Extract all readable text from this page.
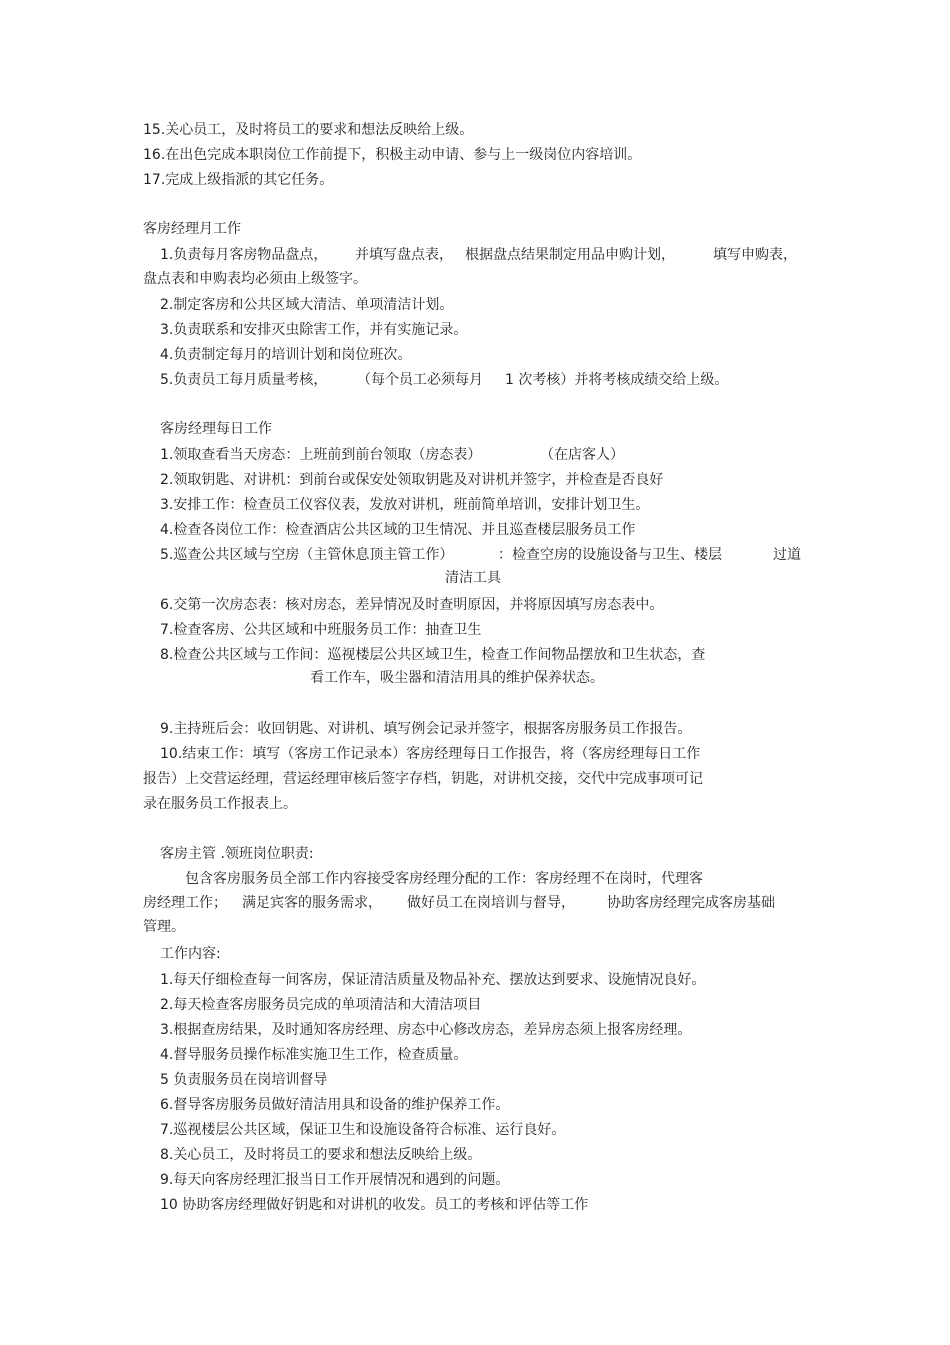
15.关心员工，及时将员工的要求和想法反映给上级。

16.在出色完成本职岗位工作前提下，积极主动申请、参与上一级岗位内容培训。

17.完成上级指派的其它任务。

客房经理月工作

1.负责每月客房物品盘点， 并填写盘点表， 根据盘点结果制定用品申购计划，	填写申购表，

盘点表和申购表均必须由上级签字。

2.制定客房和公共区域大清洁、单项清洁计划。

3.负责联系和安排灭虫除害工作，并有实施记录。

4.负责制定每月的培训计划和岗位班次。

5.负责员工每月质量考核， （每个员工必须每月 1 次考核）并将考核成绩交给上级。

客房经理每日工作

1.领取查看当天房态：上班前到前台领取（房态表）	（在店客人）

2.领取钥匙、对讲机：到前台或保安处领取钥匙及对讲机并签字，并检查是否良好

3.安排工作：检查员工仪容仪表，发放对讲机，班前简单培训，安排计划卫生。

4.检查各岗位工作：检查酒店公共区域的卫生情况、并且巡查楼层服务员工作

5.巡查公共区域与空房（主管休息顶主管工作）	：检查空房的设施设备与卫生、楼层	过道

清洁工具

6.交第一次房态表：核对房态，差异情况及时查明原因，并将原因填写房态表中。

7.检查客房、公共区域和中班服务员工作：抽查卫生

8.检查公共区域与工作间：巡视楼层公共区域卫生，检查工作间物品摆放和卫生状态，查

看工作车，吸尘器和清洁用具的维护保养状态。

9.主持班后会：收回钥匙、对讲机、填写例会记录并签字，根据客房服务员工作报告。

10.结束工作：填写（客房工作记录本）客房经理每日工作报告，将（客房经理每日工作

报告）上交营运经理，营运经理审核后签字存档，钥匙，对讲机交接，交代中完成事项可记

录在服务员工作报表上。

客房主管 .领班岗位职责:

包含客房服务员全部工作内容接受客房经理分配的工作：客房经理不在岗时，代理客

房经理工作； 满足宾客的服务需求， 做好员工在岗培训与督导， 协助客房经理完成客房基础

管理。

工作内容:

1.每天仔细检查每一间客房，保证清洁质量及物品补充、摆放达到要求、设施情况良好。

2.每天检查客房服务员完成的单项清洁和大清洁项目

3.根据查房结果，及时通知客房经理、房态中心修改房态，差异房态须上报客房经理。

4.督导服务员操作标准实施卫生工作，检查质量。

5 负责服务员在岗培训督导

6.督导客房服务员做好清洁用具和设备的维护保养工作。

7.巡视楼层公共区域，保证卫生和设施设备符合标准、运行良好。

8.关心员工，及时将员工的要求和想法反映给上级。

9.每天向客房经理汇报当日工作开展情况和遇到的问题。

10 协助客房经理做好钥匙和对讲机的收发。员工的考核和评估等工作
